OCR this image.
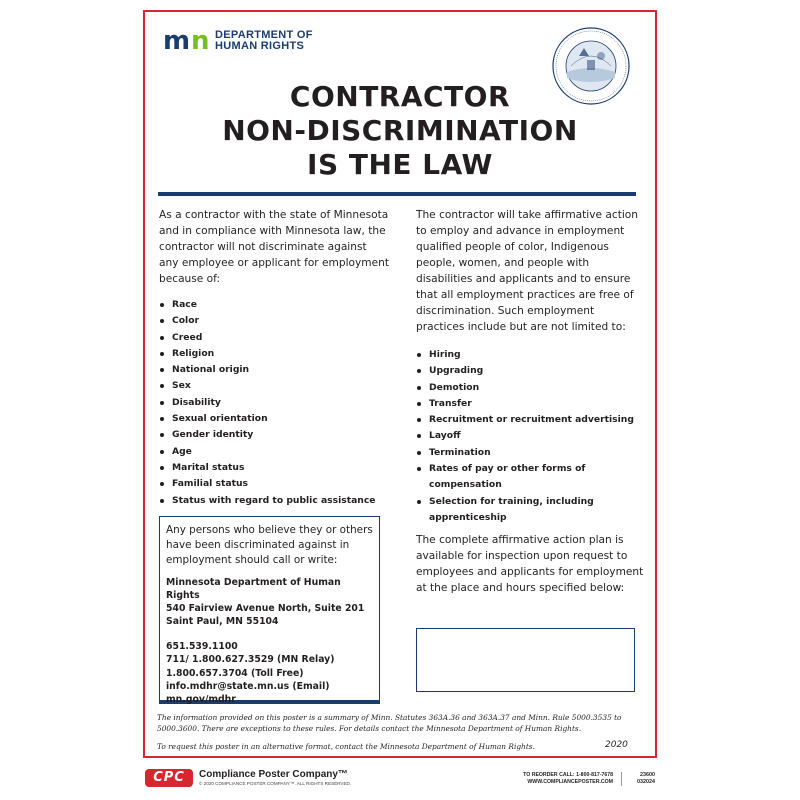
m n DEPARTMENT OF
HUMAN RIGHTS
CONTRACTOR
NON-DISCRIMINATION
IS THE LAW

As a contractor with the state of Minnesota and in compliance with Minnesota law, the contractor will not discriminate against any employee or applicant for employment because of:

Race
Color
Creed
Religion
National origin
Sex
Disability
Sexual orientation
Gender identity
Age
Marital status
Familial status
Status with regard to public assistance

The contractor will take affirmative action to employ and advance in employment qualified people of color, Indigenous people, women, and people with disabilities and applicants and to ensure that all employment practices are free of discrimination. Such employment practices include but are not limited to:

Hiring
Upgrading
Demotion
Transfer
Recruitment or recruitment advertising
Layoff
Termination
Rates of pay or other forms of compensation
Selection for training, including apprenticeship

Any persons who believe they or others have been discriminated against in employment should call or write:

Minnesota Department of Human Rights
540 Fairview Avenue North, Suite 201
Saint Paul, MN 55104
651.539.1100
711/ 1.800.627.3529 (MN Relay)
1.800.657.3704 (Toll Free)
info.mdhr@state.mn.us (Email)
mn.gov/mdhr

The complete affirmative action plan is available for inspection upon request to employees and applicants for employment at the place and hours specified below:

The information provided on this poster is a summary of Minn. Statutes 363A.36 and 363A.37 and Minn. Rule 5000.3535 to 5000.3600. There are exceptions to these rules. For details contact the Minnesota Department of Human Rights.

To request this poster in an alternative format, contact the Minnesota Department of Human Rights.	2020
CPC	Compliance Poster Company™
© 2020 COMPLIANCE POSTER COMPANY™. ALL RIGHTS RESERVED.
TO REORDER CALL: 1-800-817-7678
WWW.COMPLIANCEPOSTER.COM
23600
032024
